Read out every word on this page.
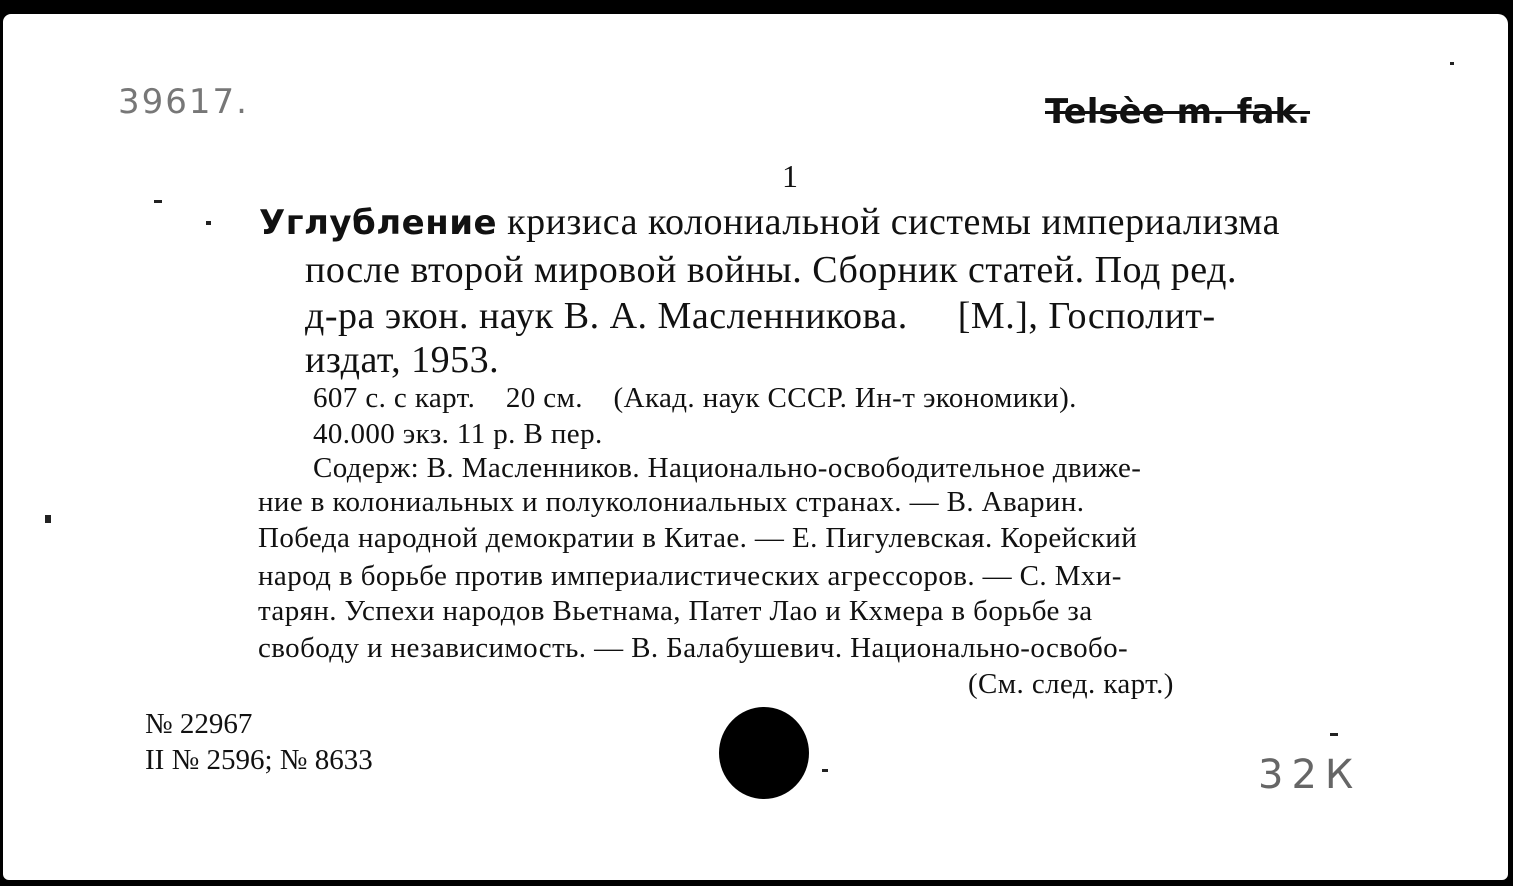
39617.	Telsèe m. fak.
1
Углубление кризиса колониальной системы империализма
после второй мировой войны. Сборник статей. Под ред.
д-ра экон. наук В. А. Масленникова.     [М.], Госполит-
издат, 1953.
607 с. с карт.    20 см.    (Акад. наук СССР. Ин-т экономики).
40.000 экз. 11 р. В пер.
Содерж: В. Масленников. Национально-освободительное движе-
ние в колониальных и полуколониальных странах. — В. Аварин.
Победа народной демократии в Китае. — Е. Пигулевская. Корейский
народ в борьбе против империалистических агрессоров. — С. Мхи-
тарян. Успехи народов Вьетнама, Патет Лао и Кхмера в борьбе за
свободу и независимость. — В. Балабушевич. Национально-освобо-
(См. след. карт.)
№ 22967
II № 2596; № 8633	32К
